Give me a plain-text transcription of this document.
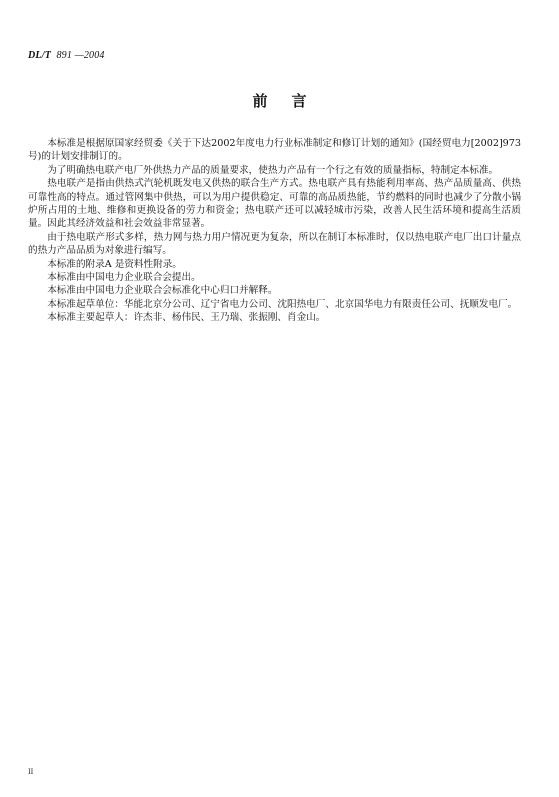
DL/T 891 —2004
前言

本标准是根据原国家经贸委《关于下达2002年度电力行业标准制定和修订计划的通知》(国经贸电力[2002]973号)的计划安排制订的。

为了明确热电联产电厂外供热力产品的质量要求，使热力产品有一个行之有效的质量指标，特制定本标准。

热电联产是指由供热式汽轮机既发电又供热的联合生产方式。热电联产具有热能利用率高、热产品质量高、供热可靠性高的特点。通过管网集中供热，可以为用户提供稳定、可靠的高品质热能，节约燃料的同时也减少了分散小锅炉所占用的土地、维修和更换设备的劳力和资金；热电联产还可以减轻城市污染，改善人民生活环境和提高生活质量。因此其经济效益和社会效益非常显著。

由于热电联产形式多样，热力网与热力用户情况更为复杂，所以在制订本标准时，仅以热电联产电厂出口计量点的热力产品品质为对象进行编写。

本标准的附录A 是资料性附录。

本标准由中国电力企业联合会提出。

本标准由中国电力企业联合会标准化中心归口并解释。

本标准起草单位：华能北京分公司、辽宁省电力公司、沈阳热电厂、北京国华电力有限责任公司、抚顺发电厂。

本标准主要起草人：许杰非、杨伟民、王乃瑞、张振刚、肖金山。

II
